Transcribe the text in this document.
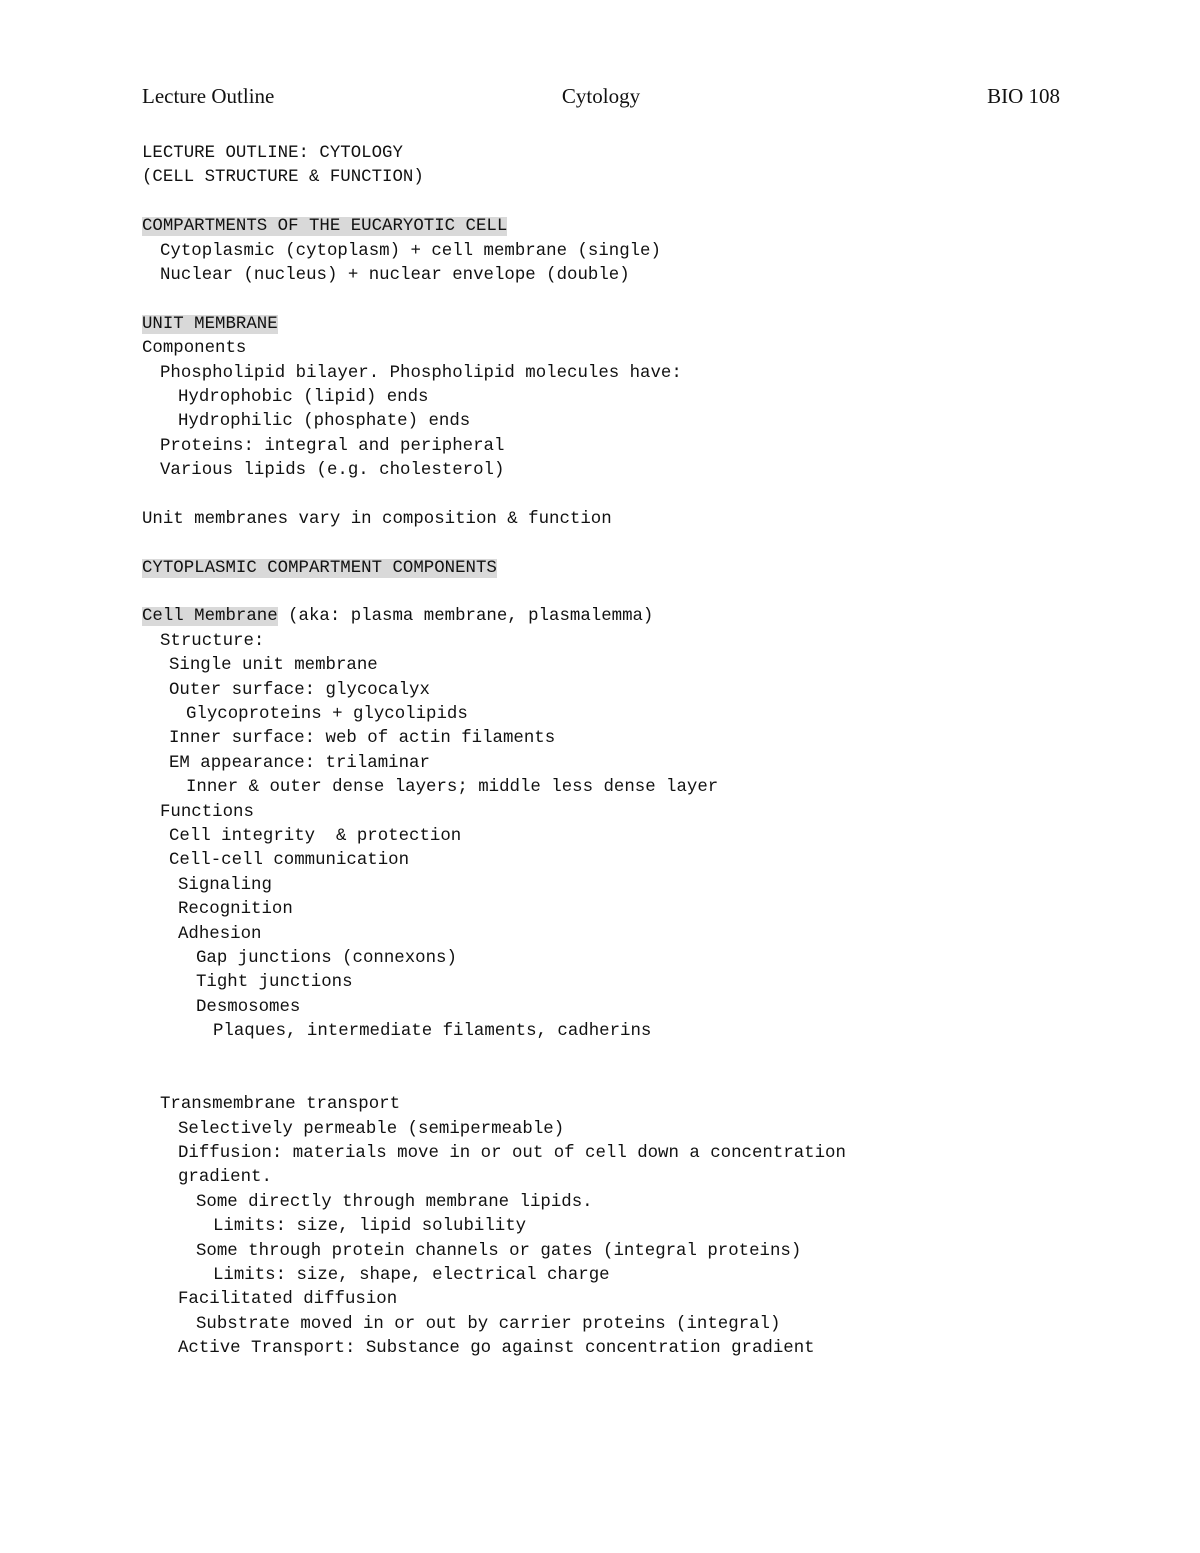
Lecture Outline	Cytology	BIO 108
LECTURE OUTLINE: CYTOLOGY
(CELL STRUCTURE & FUNCTION)
COMPARTMENTS OF THE EUCARYOTIC CELL
Cytoplasmic (cytoplasm) + cell membrane (single)
Nuclear (nucleus) + nuclear envelope (double)
UNIT MEMBRANE
Components
Phospholipid bilayer. Phospholipid molecules have:
Hydrophobic (lipid) ends
Hydrophilic (phosphate) ends
Proteins: integral and peripheral
Various lipids (e.g. cholesterol)
Unit membranes vary in composition & function
CYTOPLASMIC COMPARTMENT COMPONENTS
Cell Membrane (aka: plasma membrane, plasmalemma)
Structure:
Single unit membrane
Outer surface: glycocalyx
Glycoproteins + glycolipids
Inner surface: web of actin filaments
EM appearance: trilaminar
Inner & outer dense layers; middle less dense layer
Functions
Cell integrity  & protection
Cell-cell communication
Signaling
Recognition
Adhesion
Gap junctions (connexons)
Tight junctions
Desmosomes
Plaques, intermediate filaments, cadherins
Transmembrane transport
Selectively permeable (semipermeable)
Diffusion: materials move in or out of cell down a concentration
gradient.
Some directly through membrane lipids.
Limits: size, lipid solubility
Some through protein channels or gates (integral proteins)
Limits: size, shape, electrical charge
Facilitated diffusion
Substrate moved in or out by carrier proteins (integral)
Active Transport: Substance go against concentration gradient
